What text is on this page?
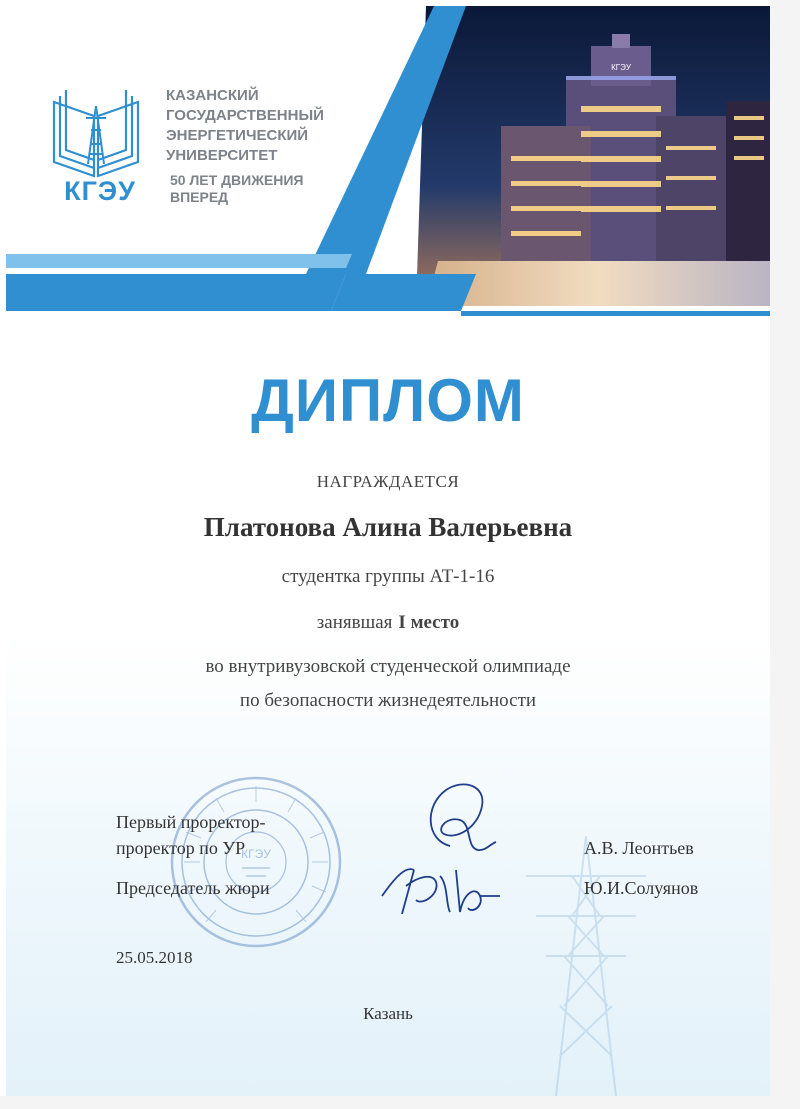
КГЭУ
КГЭУ
КАЗАНСКИЙ
ГОСУДАРСТВЕННЫЙ
ЭНЕРГЕТИЧЕСКИЙ
УНИВЕРСИТЕТ
50 ЛЕТ ДВИЖЕНИЯ
ВПЕРЕД
ДИПЛОМ
НАГРАЖДАЕТСЯ
Платонова Алина Валерьевна
студентка группы АТ-1-16
занявшая I место
во внутривузовской студенческой олимпиаде
по безопасности жизнедеятельности
КГЭУ
Первый проректор-
проректор по УР	А.В. Леонтьев
Председатель жюри	Ю.И.Солуянов
25.05.2018
Казань
